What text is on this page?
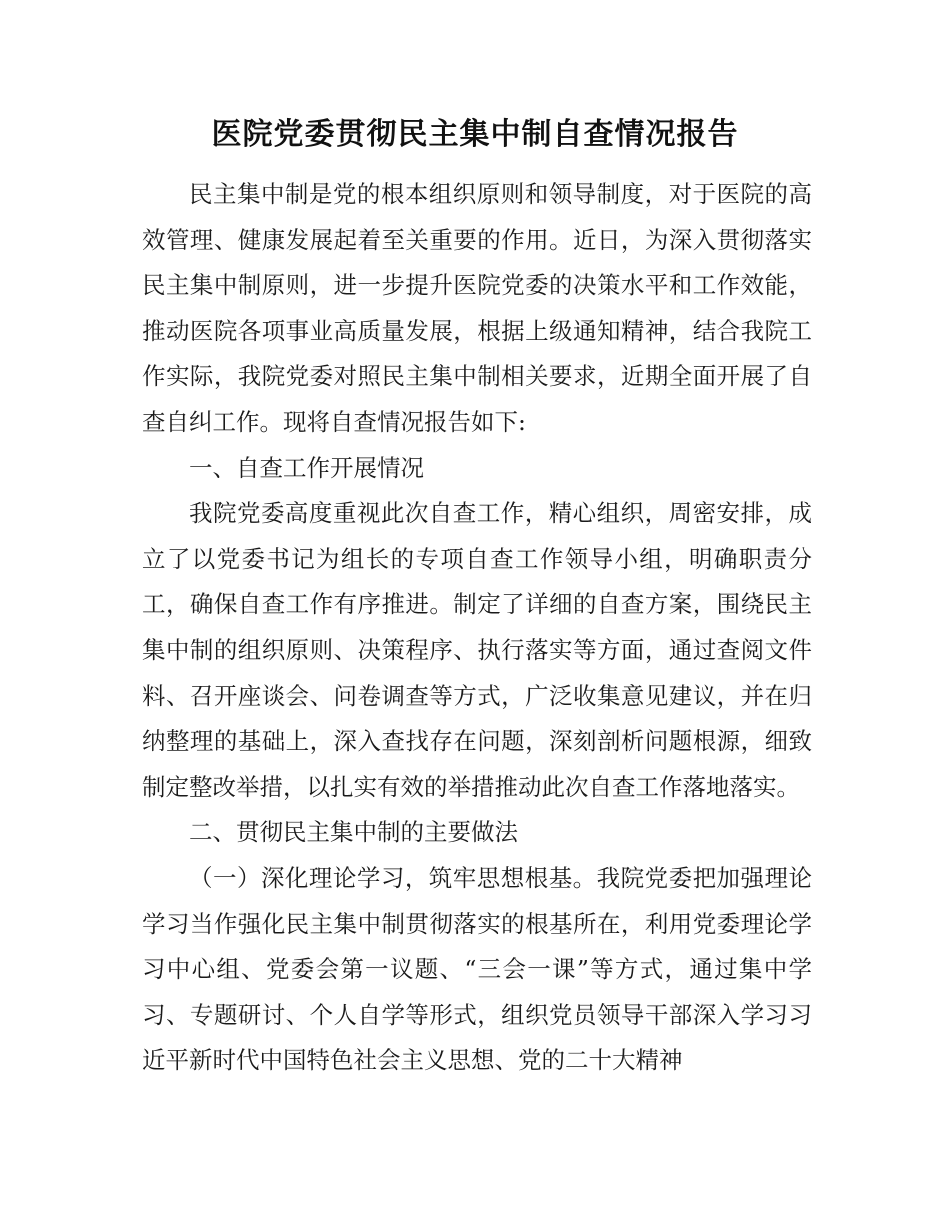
医院党委贯彻民主集中制自查情况报告

民主集中制是党的根本组织原则和领导制度，对于医院的高效管理、健康发展起着至关重要的作用。近日，为深入贯彻落实民主集中制原则，进一步提升医院党委的决策水平和工作效能，推动医院各项事业高质量发展，根据上级通知精神，结合我院工作实际，我院党委对照民主集中制相关要求，近期全面开展了自查自纠工作。现将自查情况报告如下:

一、自查工作开展情况

我院党委高度重视此次自查工作，精心组织，周密安排，成立了以党委书记为组长的专项自查工作领导小组，明确职责分工，确保自查工作有序推进。制定了详细的自查方案，围绕民主集中制的组织原则、决策程序、执行落实等方面，通过查阅文件料、召开座谈会、问卷调查等方式，广泛收集意见建议，并在归纳整理的基础上，深入查找存在问题，深刻剖析问题根源，细致制定整改举措，以扎实有效的举措推动此次自查工作落地落实。

二、贯彻民主集中制的主要做法

（一）深化理论学习，筑牢思想根基。我院党委把加强理论学习当作强化民主集中制贯彻落实的根基所在，利用党委理论学习中心组、党委会第一议题、“三会一课”等方式，通过集中学习、专题研讨、个人自学等形式，组织党员领导干部深入学习习近平新时代中国特色社会主义思想、党的二十大精神
